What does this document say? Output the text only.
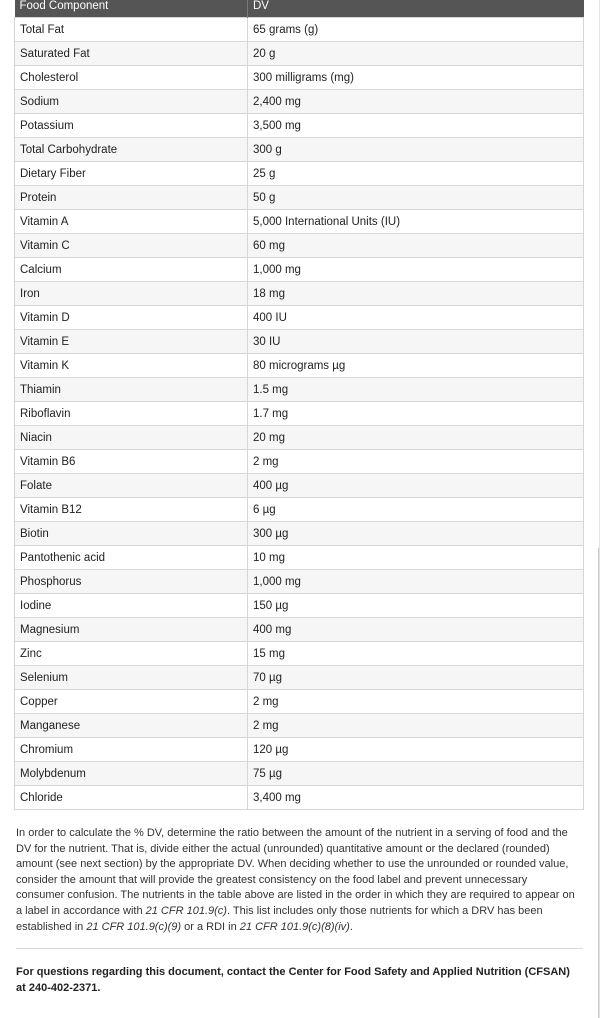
Food Component	DV
Total Fat	65 grams (g)
Saturated Fat	20 g
Cholesterol	300 milligrams (mg)
Sodium	2,400 mg
Potassium	3,500 mg
Total Carbohydrate	300 g
Dietary Fiber	25 g
Protein	50 g
Vitamin A	5,000 International Units (IU)
Vitamin C	60 mg
Calcium	1,000 mg
Iron	18 mg
Vitamin D	400 IU
Vitamin E	30 IU
Vitamin K	80 micrograms µg
Thiamin	1.5 mg
Riboflavin	1.7 mg
Niacin	20 mg
Vitamin B6	2 mg
Folate	400 µg
Vitamin B12	6 µg
Biotin	300 µg
Pantothenic acid	10 mg
Phosphorus	1,000 mg
Iodine	150 µg
Magnesium	400 mg
Zinc	15 mg
Selenium	70 µg
Copper	2 mg
Manganese	2 mg
Chromium	120 µg
Molybdenum	75 µg
Chloride	3,400 mg
In order to calculate the % DV, determine the ratio between the amount of the nutrient in a serving of food and the DV for the nutrient. That is, divide either the actual (unrounded) quantitative amount or the declared (rounded) amount (see next section) by the appropriate DV. When deciding whether to use the unrounded or rounded value, consider the amount that will provide the greatest consistency on the food label and prevent unnecessary consumer confusion. The nutrients in the table above are listed in the order in which they are required to appear on a label in accordance with 21 CFR 101.9(c). This list includes only those nutrients for which a DRV has been established in 21 CFR 101.9(c)(9) or a RDI in 21 CFR 101.9(c)(8)(iv).
For questions regarding this document, contact the Center for Food Safety and Applied Nutrition (CFSAN) at 240-402-2371.
